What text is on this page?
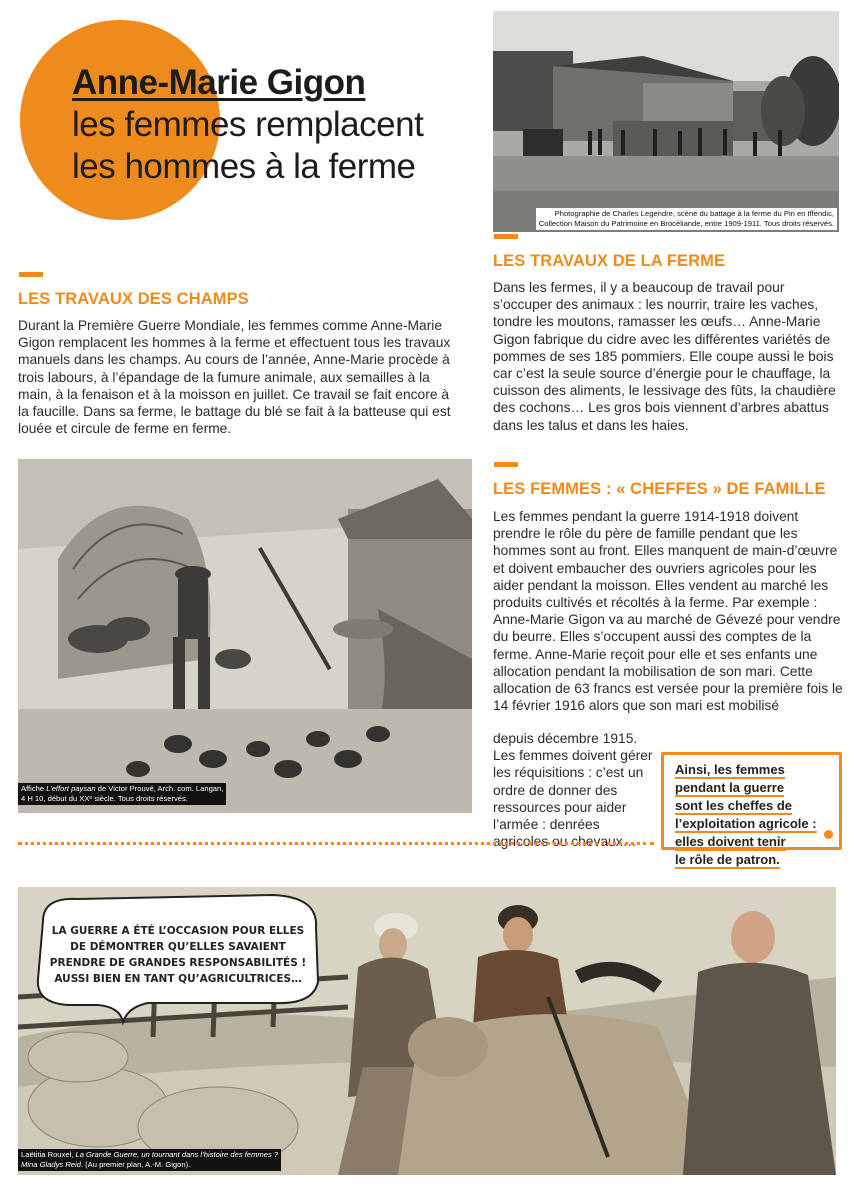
Anne-Marie Gigon
les femmes remplacent
les hommes à la ferme
Photographie de Charles Legendre, scène du battage à la ferme du Pin en Iffendic,
Collection Maison du Patrimoine en Brocéliande, entre 1909-1911. Tous droits réservés.
LES TRAVAUX DE LA FERME

Dans les fermes, il y a beaucoup de travail pour s’occuper des animaux : les nourrir, traire les vaches, tondre les moutons, ramasser les œufs… Anne-Marie Gigon fabrique du cidre avec les différentes variétés de pommes de ses 185 pommiers. Elle coupe aussi le bois car c’est la seule source d’énergie pour le chauffage, la cuisson des aliments, le lessivage des fûts, la chaudière des cochons… Les gros bois viennent d’arbres abattus dans les talus et dans les haies.

LES TRAVAUX DES CHAMPS

Durant la Première Guerre Mondiale, les femmes comme Anne-Marie Gigon remplacent les hommes à la ferme et effectuent tous les travaux manuels dans les champs. Au cours de l’année, Anne-Marie procède à trois labours, à l’épandage de la fumure animale, aux semailles à la main, à la fenaison et à la moisson en juillet. Ce travail se fait encore à la faucille. Dans sa ferme, le battage du blé se fait à la batteuse qui est louée et circule de ferme en ferme.

Affiche L’effort paysan de Victor Prouvé, Arch. com. Langan,
4 H 10, début du XXᵉ siècle. Tous droits réservés.
LES FEMMES : « CHEFFES » DE FAMILLE

Les femmes pendant la guerre 1914-1918 doivent prendre le rôle du père de famille pendant que les hommes sont au front. Elles manquent de main-d’œuvre et doivent embaucher des ouvriers agricoles pour les aider pendant la moisson. Elles vendent au marché les produits cultivés et récoltés à la ferme. Par exemple : Anne-Marie Gigon va au marché de Gévezé pour vendre du beurre. Elles s’occupent aussi des comptes de la ferme. Anne-Marie reçoit pour elle et ses enfants une allocation pendant la mobilisation de son mari. Cette allocation de 63 francs est versée pour la première fois le 14 février 1916 alors que son mari est mobilisé

depuis décembre 1915. Les femmes doivent gérer les réquisitions : c’est un ordre de donner des ressources pour aider l’armée : denrées agricoles ou chevaux…

Ainsi, les femmes
pendant la guerre
sont les cheffes de
l’exploitation agricole :
elles doivent tenir
le rôle de patron.

LA GUERRE A ÉTÉ L’OCCASION POUR ELLES
DE DÉMONTRER QU’ELLES SAVAIENT
PRENDRE DE GRANDES RESPONSABILITÉS !
AUSSI BIEN EN TANT QU’AGRICULTRICES…
Laëtitia Rouxel, La Grande Guerre, un tournant dans l’histoire des femmes ?
Mina Gladys Reid. (Au premier plan, A.-M. Gigon).
